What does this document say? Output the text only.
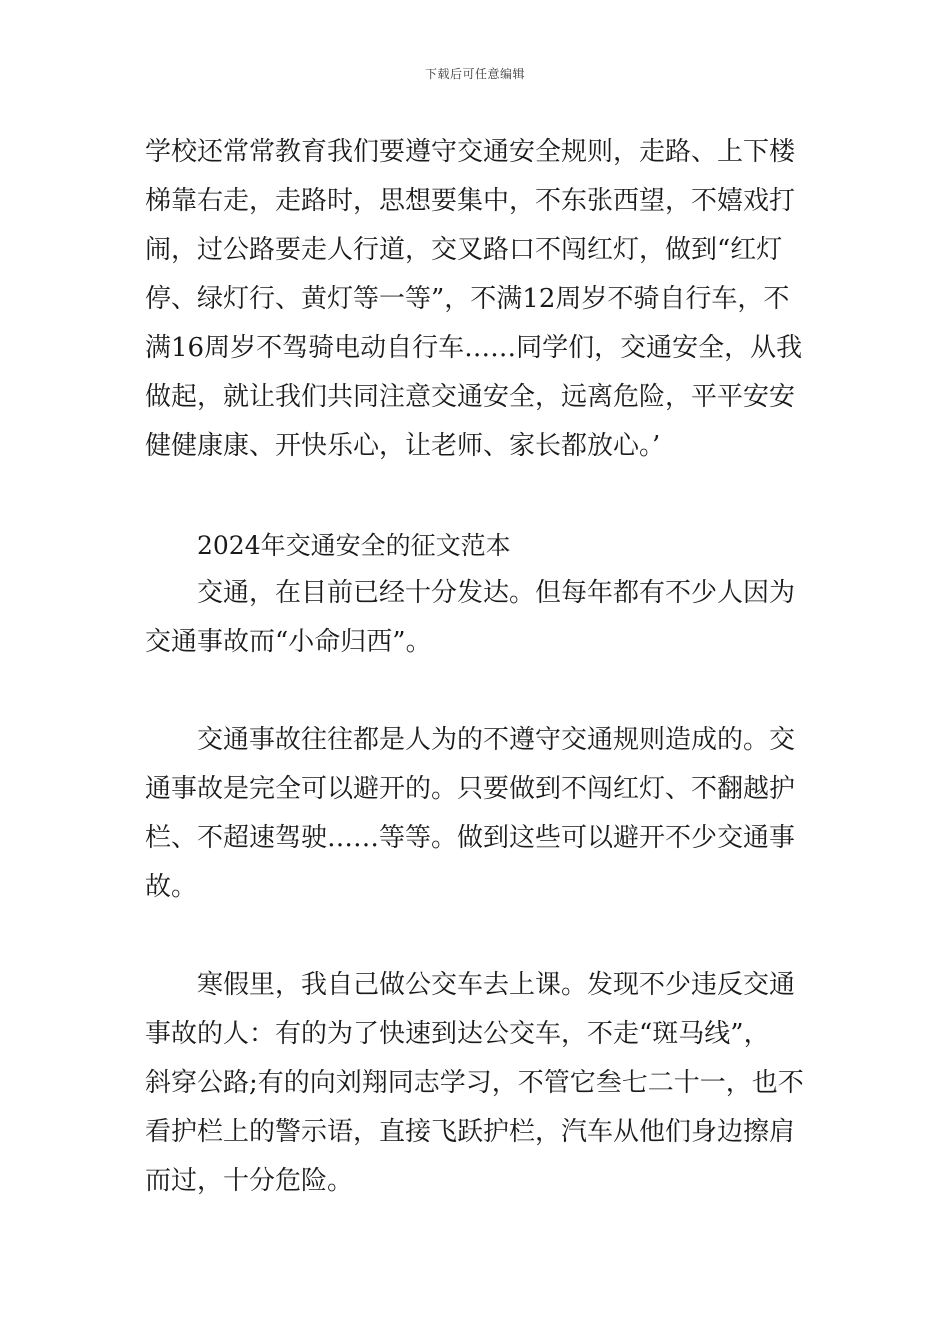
下载后可任意编辑
学校还常常教育我们要遵守交通安全规则，走路、上下楼
梯靠右走，走路时，思想要集中，不东张西望，不嬉戏打
闹，过公路要走人行道，交叉路口不闯红灯，做到“红灯
停、绿灯行、黄灯等一等”，不满12周岁不骑自行车，不
满16周岁不驾骑电动自行车……同学们，交通安全，从我
做起，就让我们共同注意交通安全，远离危险，平平安安
健健康康、开快乐心，让老师、家长都放心。’
2024年交通安全的征文范本
交通，在目前已经十分发达。但每年都有不少人因为
交通事故而“小命归西”。
交通事故往往都是人为的不遵守交通规则造成的。交
通事故是完全可以避开的。只要做到不闯红灯、不翻越护
栏、不超速驾驶……等等。做到这些可以避开不少交通事
故。
寒假里，我自己做公交车去上课。发现不少违反交通
事故的人：有的为了快速到达公交车，不走“斑马线”，
斜穿公路;有的向刘翔同志学习，不管它叁七二十一，也不
看护栏上的警示语，直接飞跃护栏，汽车从他们身边擦肩
而过，十分危险。
